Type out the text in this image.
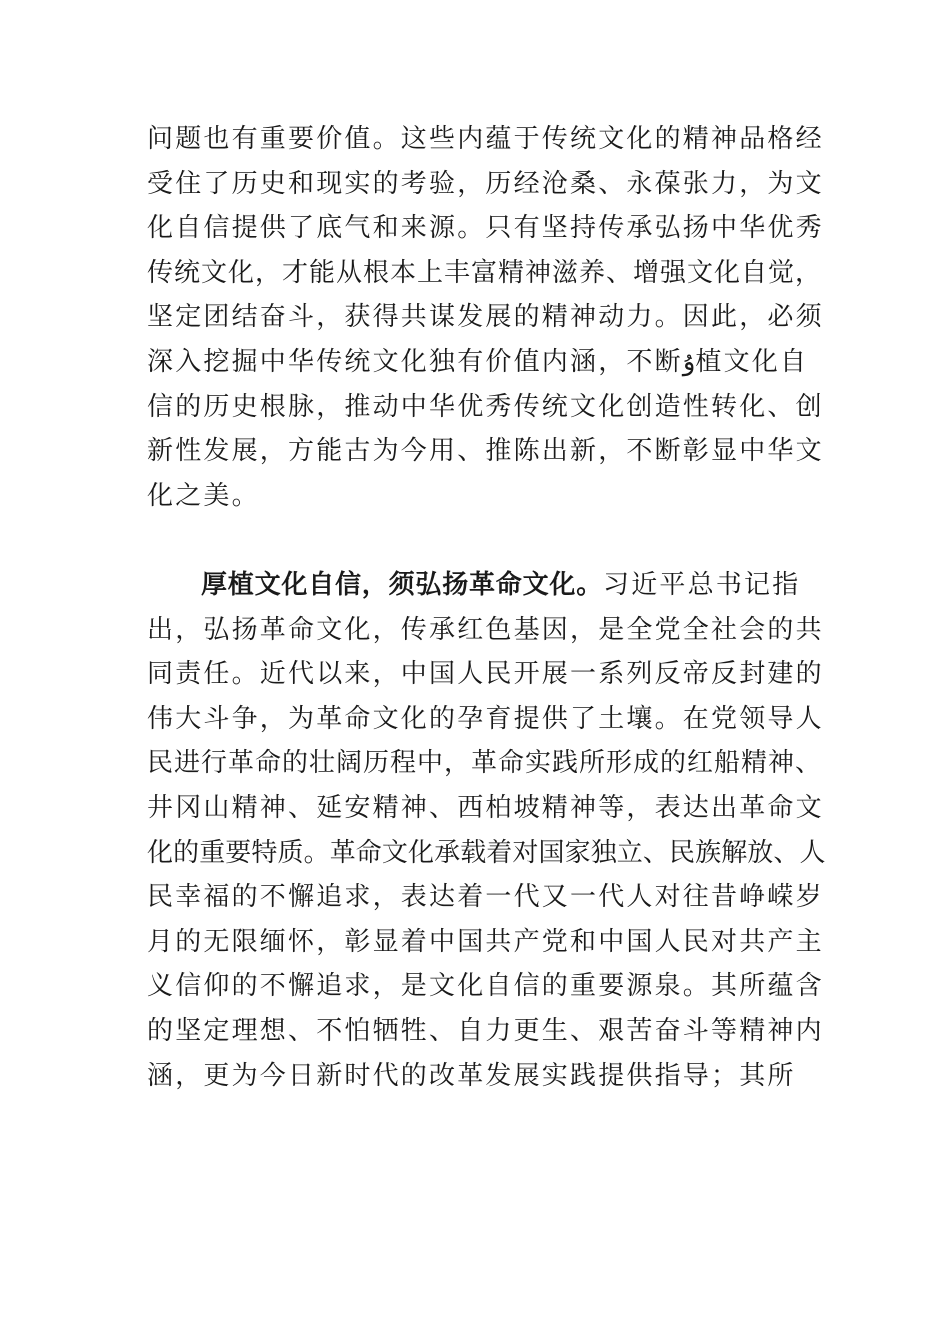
问题也有重要价值。这些内蕴于传统文化的精神品格经
受住了历史和现实的考验，历经沧桑、永葆张力，为文
化自信提供了底气和来源。只有坚持传承弘扬中华优秀
传统文化，才能从根本上丰富精神滋养、增强文化自觉，
坚定团结奋斗，获得共谋发展的精神动力。因此，必须
深入挖掘中华传统文化独有价值内涵，不断ۇ植文化自
信的历史根脉，推动中华优秀传统文化创造性转化、创
新性发展，方能古为今用、推陈出新，不断彰显中华文
化之美。
厚植文化自信，须弘扬革命文化。习近平总书记指
出，弘扬革命文化，传承红色基因，是全党全社会的共
同责任。近代以来，中国人民开展一系列反帝反封建的
伟大斗争，为革命文化的孕育提供了土壤。在党领导人
民进行革命的壮阔历程中，革命实践所形成的红船精神、
井冈山精神、延安精神、西柏坡精神等，表达出革命文
化的重要特质。革命文化承载着对国家独立、民族解放、人
民幸福的不懈追求，表达着一代又一代人对往昔峥嵘岁
月的无限缅怀，彰显着中国共产党和中国人民对共产主
义信仰的不懈追求，是文化自信的重要源泉。其所蕴含
的坚定理想、不怕牺牲、自力更生、艰苦奋斗等精神内
涵，更为今日新时代的改革发展实践提供指导；其所
